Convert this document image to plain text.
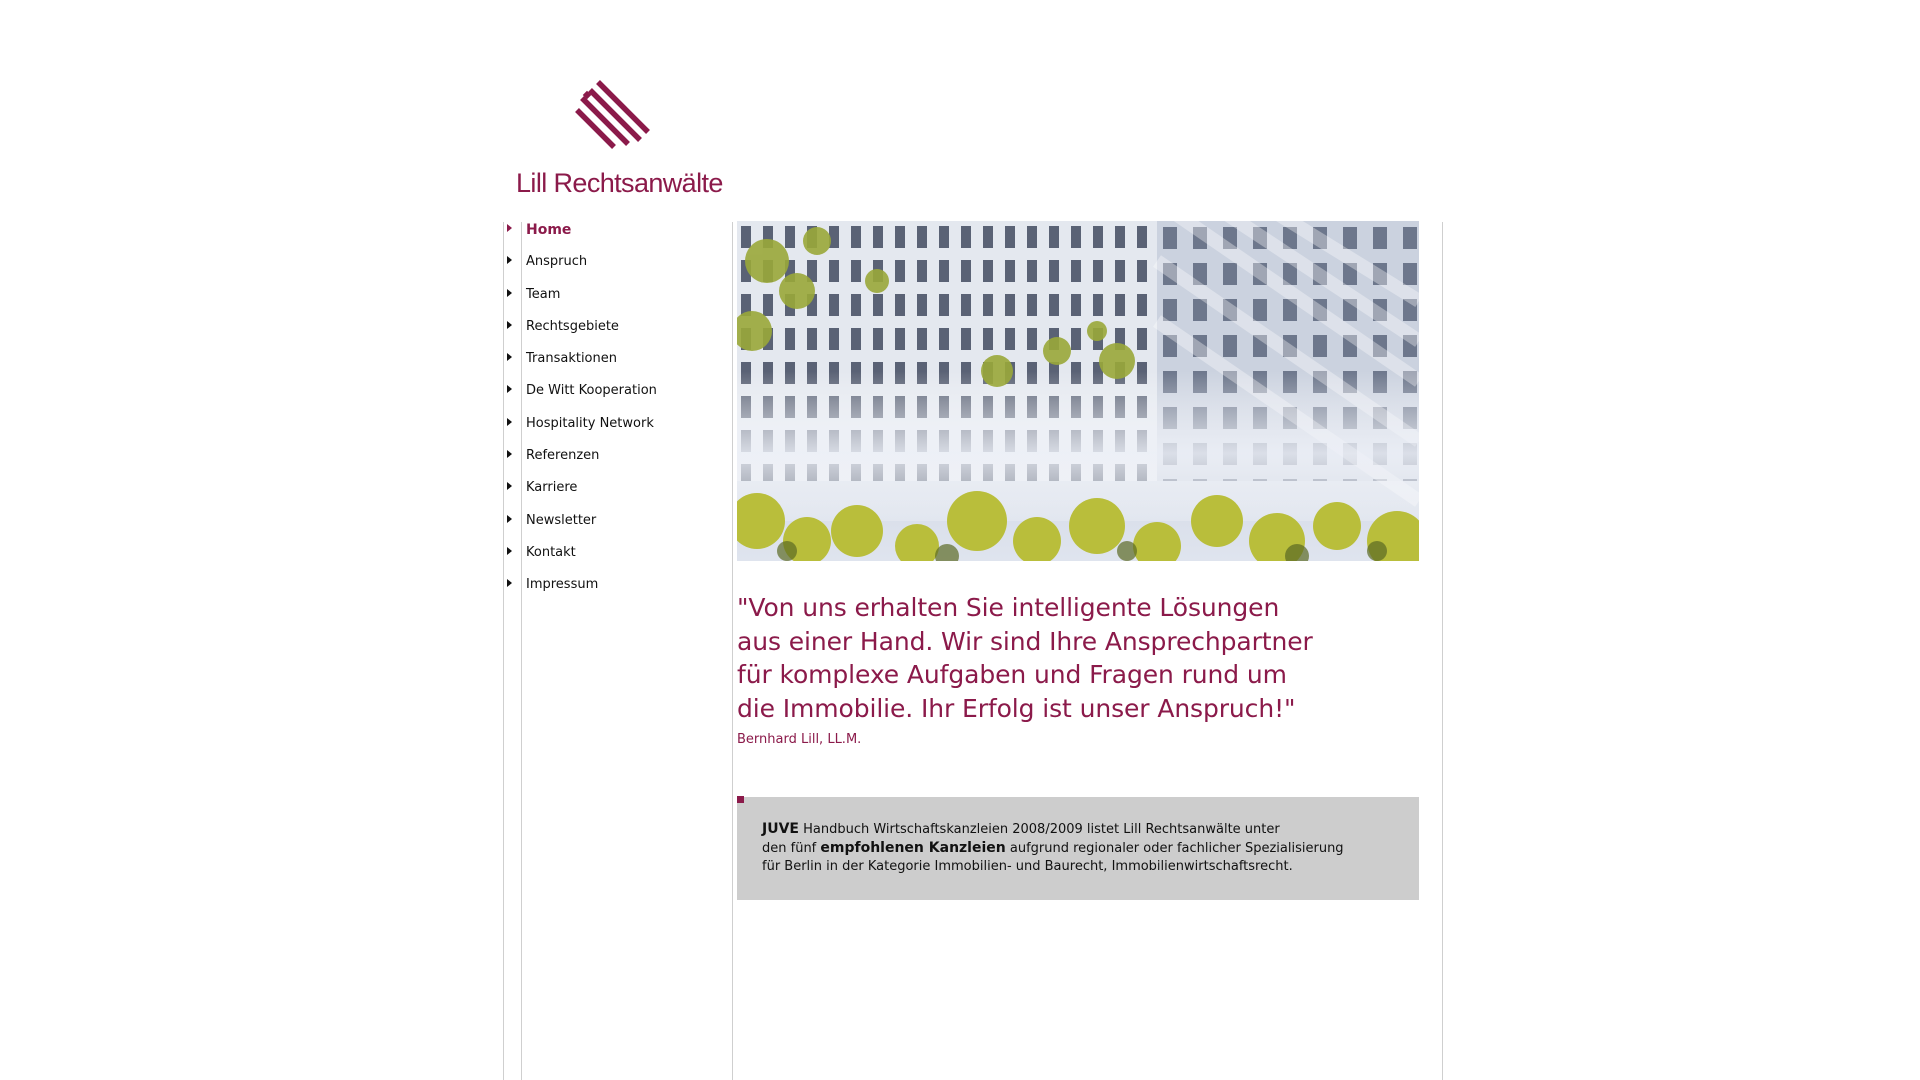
Lill Rechtsanwälte
Home
Anspruch
Team
Rechtsgebiete
Transaktionen
De Witt Kooperation
Hospitality Network
Referenzen
Karriere
Newsletter
Kontakt
Impressum

"Von uns erhalten Sie intelligente Lösungen
aus einer Hand. Wir sind Ihre Ansprechpartner
für komplexe Aufgaben und Fragen rund um
die Immobilie. Ihr Erfolg ist unser Anspruch!"

Bernhard Lill, LL.M.
JUVE Handbuch Wirtschaftskanzleien 2008/2009 listet Lill Rechtsanwälte unter
den fünf empfohlenen Kanzleien aufgrund regionaler oder fachlicher Spezialisierung
für Berlin in der Kategorie Immobilien- und Baurecht, Immobilienwirtschaftsrecht.
